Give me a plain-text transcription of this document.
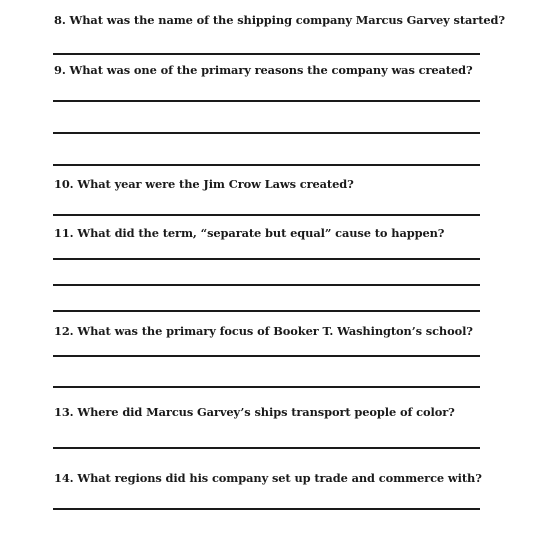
8. What was the name of the shipping company Marcus Garvey started?
9. What was one of the primary reasons the company was created?
10. What year were the Jim Crow Laws created?
11. What did the term, “separate but equal” cause to happen?
12. What was the primary focus of Booker T. Washington’s school?
13. Where did Marcus Garvey’s ships transport people of color?
14. What regions did his company set up trade and commerce with?
